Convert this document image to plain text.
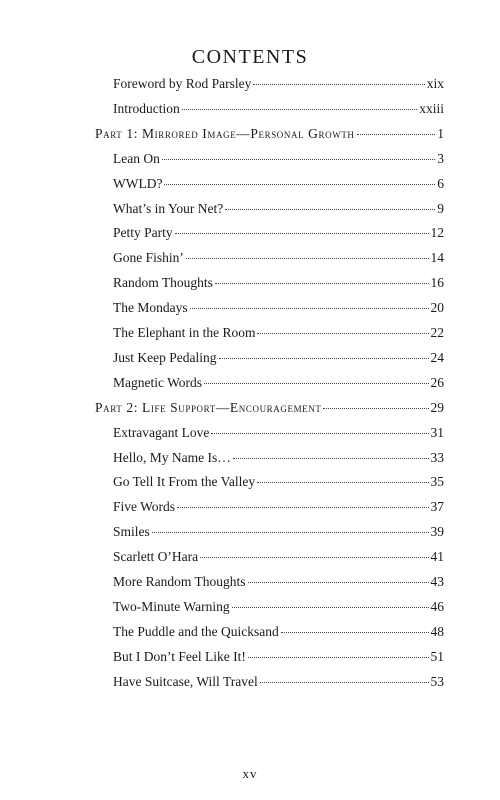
CONTENTS
Foreword by Rod Parsley	xix
Introduction	xxiii
Part 1: Mirrored Image—Personal Growth	1
Lean On	3
WWLD?	6
What’s in Your Net?	9
Petty Party	12
Gone Fishin’	14
Random Thoughts	16
The Mondays	20
The Elephant in the Room	22
Just Keep Pedaling	24
Magnetic Words	26
Part 2: Life Support—Encouragement	29
Extravagant Love	31
Hello, My Name Is…	33
Go Tell It From the Valley	35
Five Words	37
Smiles	39
Scarlett O’Hara	41
More Random Thoughts	43
Two-Minute Warning	46
The Puddle and the Quicksand	48
But I Don’t Feel Like It!	51
Have Suitcase, Will Travel	53
xv
